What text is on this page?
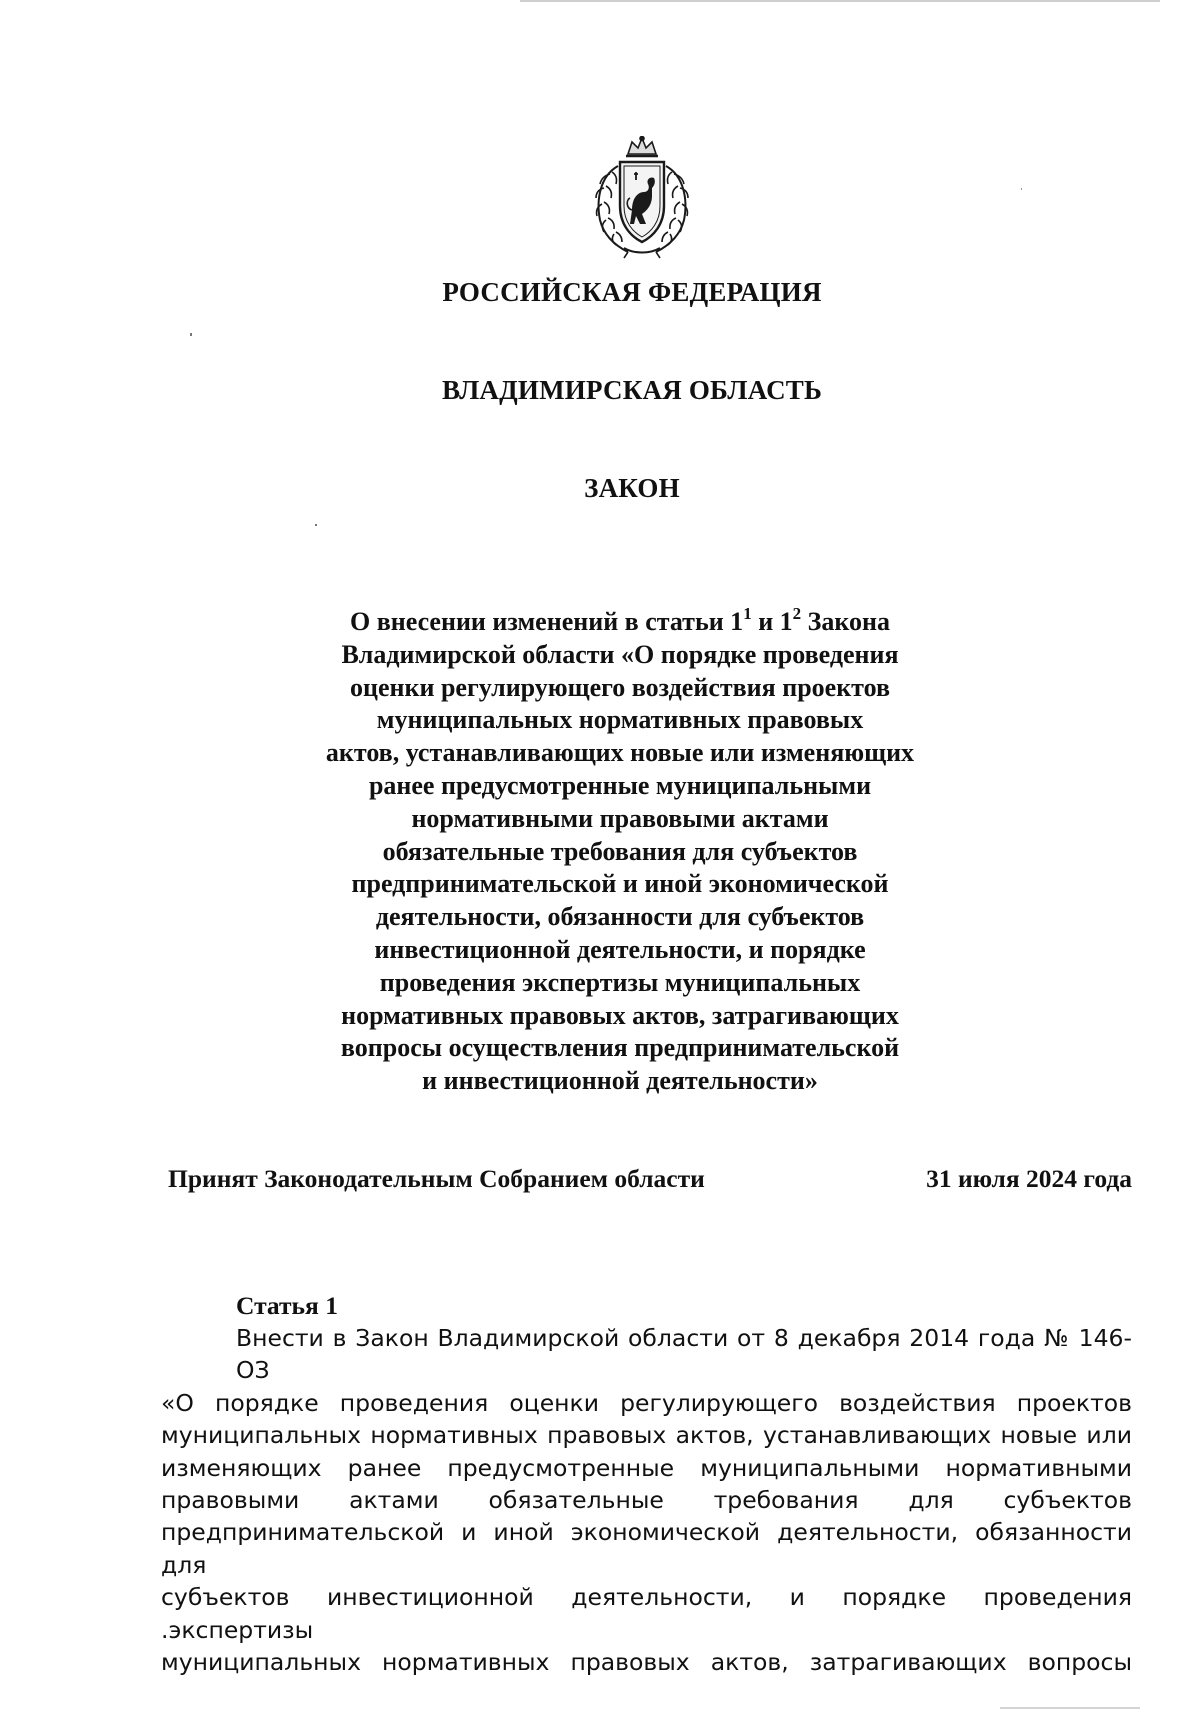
РОССИЙСКАЯ ФЕДЕРАЦИЯ
ВЛАДИМИРСКАЯ ОБЛАСТЬ
ЗАКОН
О внесении изменений в статьи $1^1$ и $1^2$ Закона
Владимирской области «О порядке проведения
оценки регулирующего воздействия проектов
муниципальных нормативных правовых
актов, устанавливающих новые или изменяющих
ранее предусмотренные муниципальными
нормативными правовыми актами
обязательные требования для субъектов
предпринимательской и иной экономической
деятельности, обязанности для субъектов
инвестиционной деятельности, и порядке
проведения экспертизы муниципальных
нормативных правовых актов, затрагивающих
вопросы осуществления предпринимательской
и инвестиционной деятельности»
Принят Законодательным Собранием области	31 июля 2024 года
Статья 1
Внести в Закон Владимирской области от 8 декабря 2014 года № 146-ОЗ
«О порядке проведения оценки регулирующего воздействия проектов
муниципальных нормативных правовых актов, устанавливающих новые или
изменяющих ранее предусмотренные муниципальными нормативными
правовыми актами обязательные требования для субъектов
предпринимательской и иной экономической деятельности, обязанности для
субъектов инвестиционной деятельности, и порядке проведения .экспертизы
муниципальных нормативных правовых актов, затрагивающих вопросы
